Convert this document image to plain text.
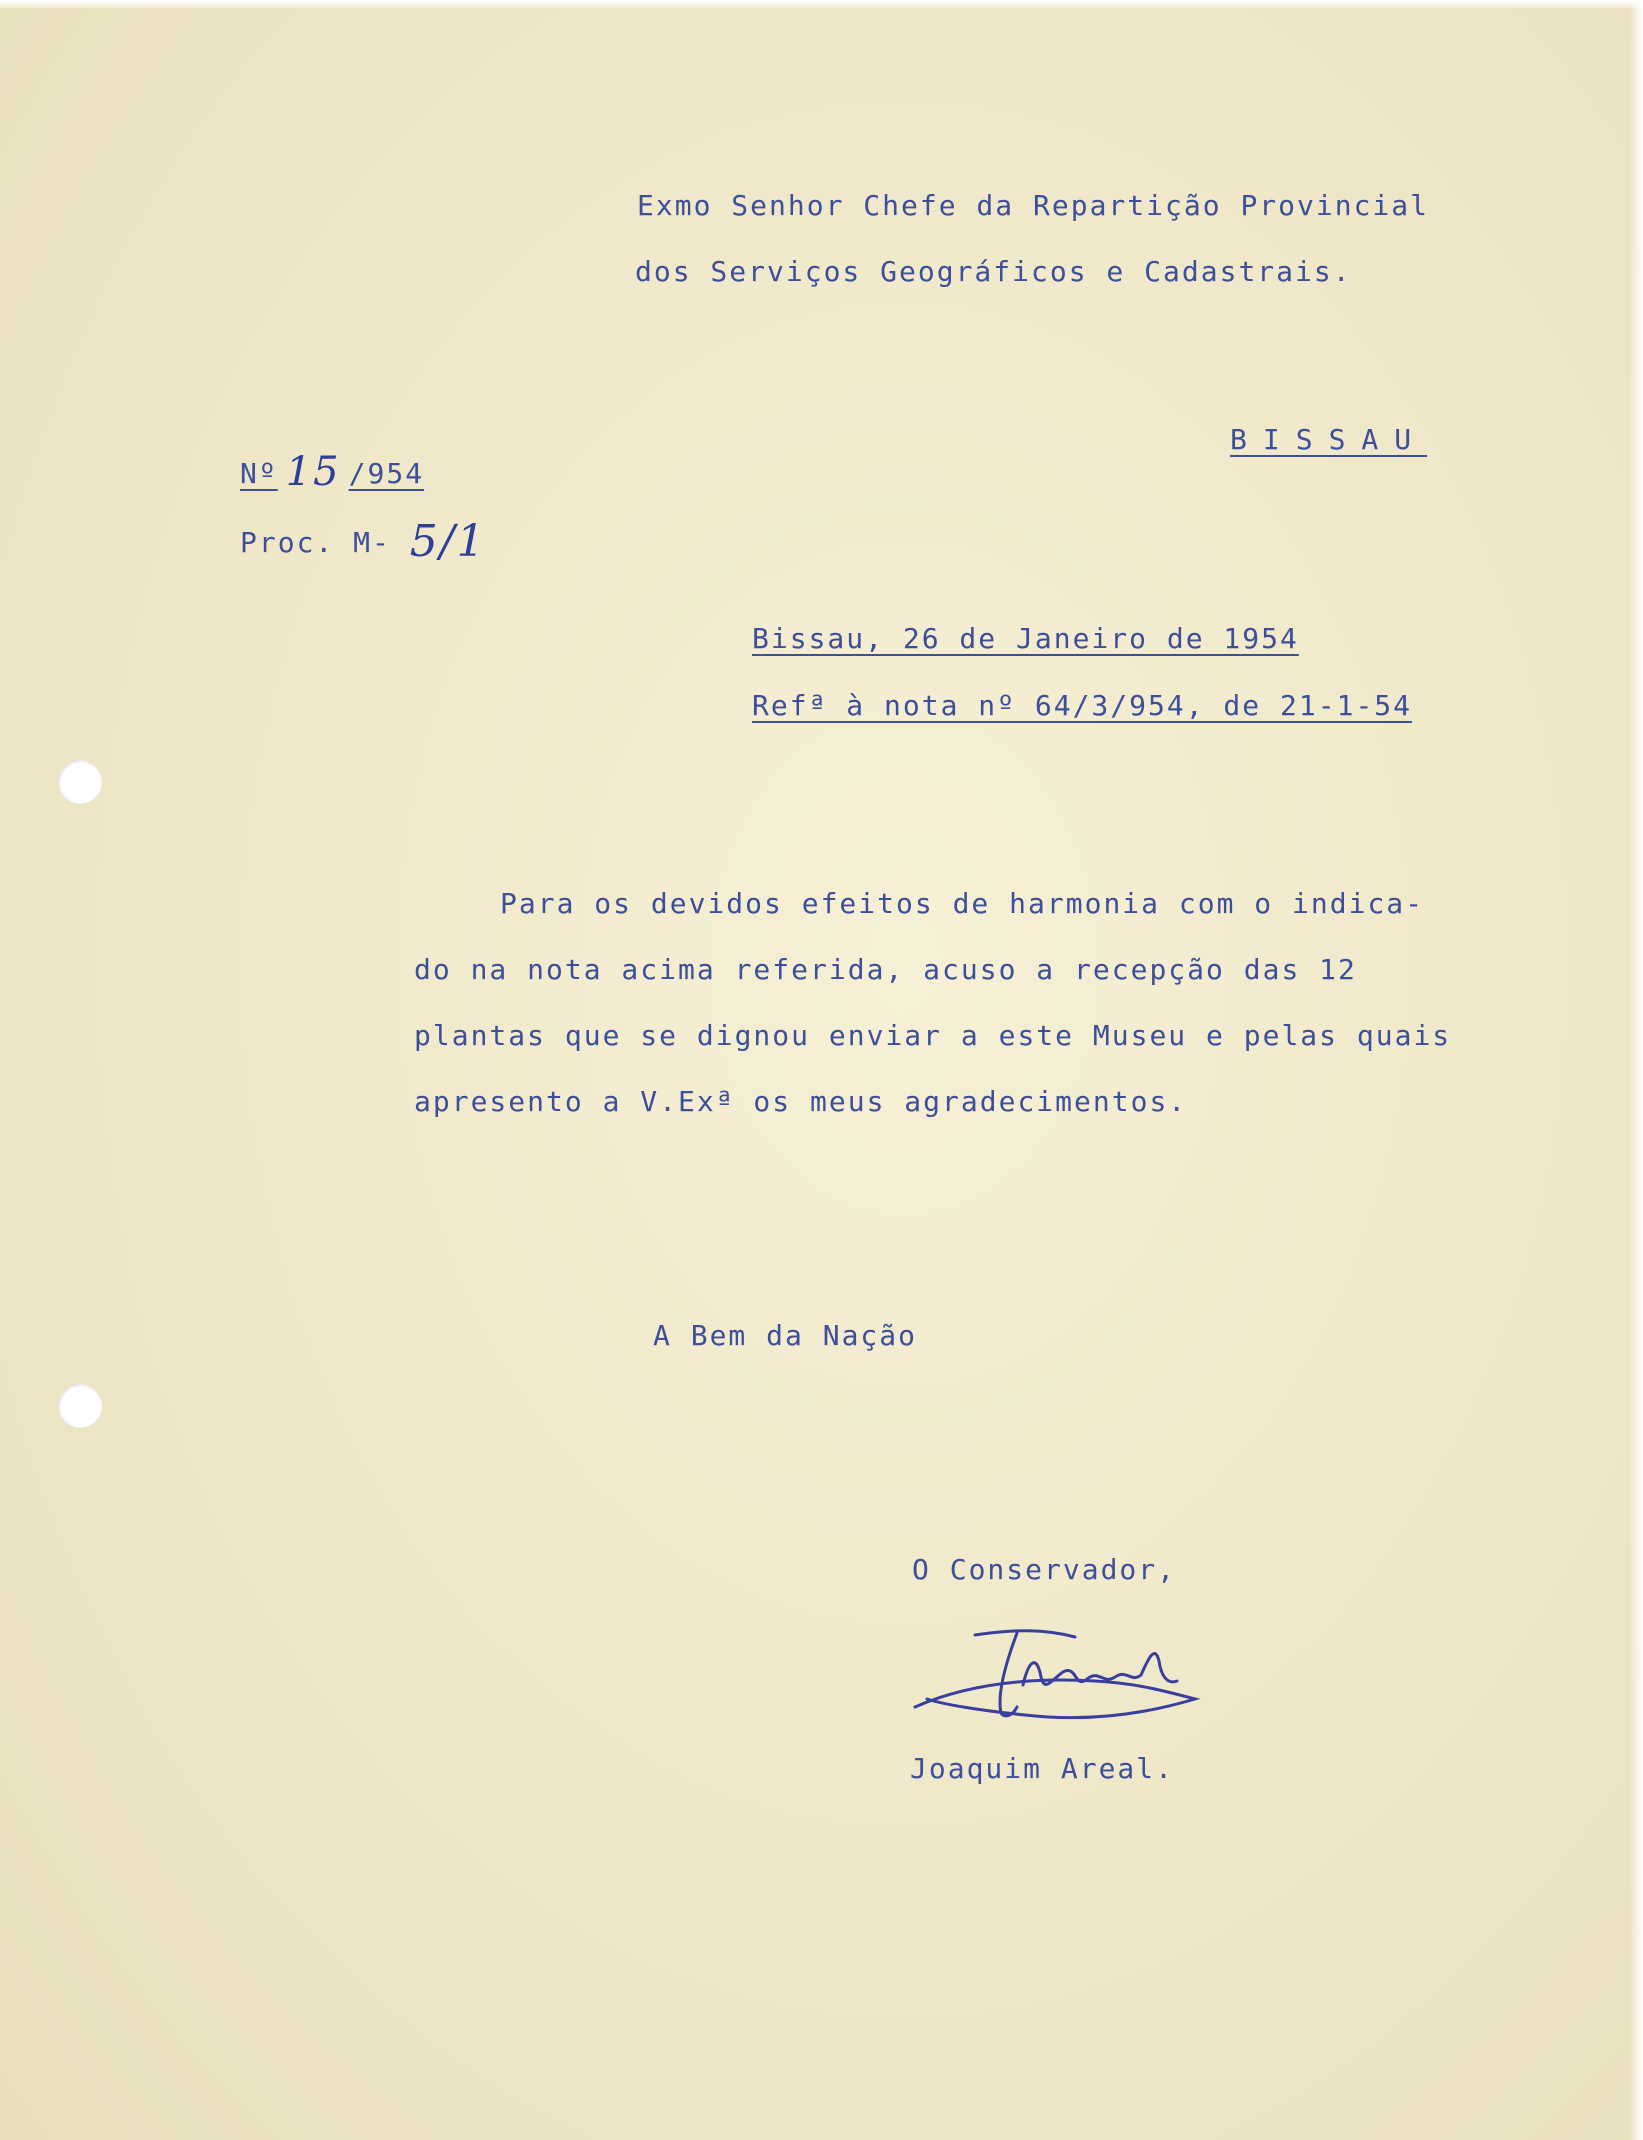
Exmo Senhor Chefe da Repartição Provincial
dos Serviços Geográficos e Cadastrais.
BISSAU
Nº 15 /954
Proc. M- 5/1
Bissau, 26 de Janeiro de 1954
Refª à nota nº 64/3/954, de 21-1-54
Para os devidos efeitos de harmonia com o indica-
do na nota acima referida, acuso a recepção das 12
plantas que se dignou enviar a este Museu e pelas quais
apresento a V.Exª os meus agradecimentos.
A Bem da Nação
O Conservador,
Joaquim Areal.
